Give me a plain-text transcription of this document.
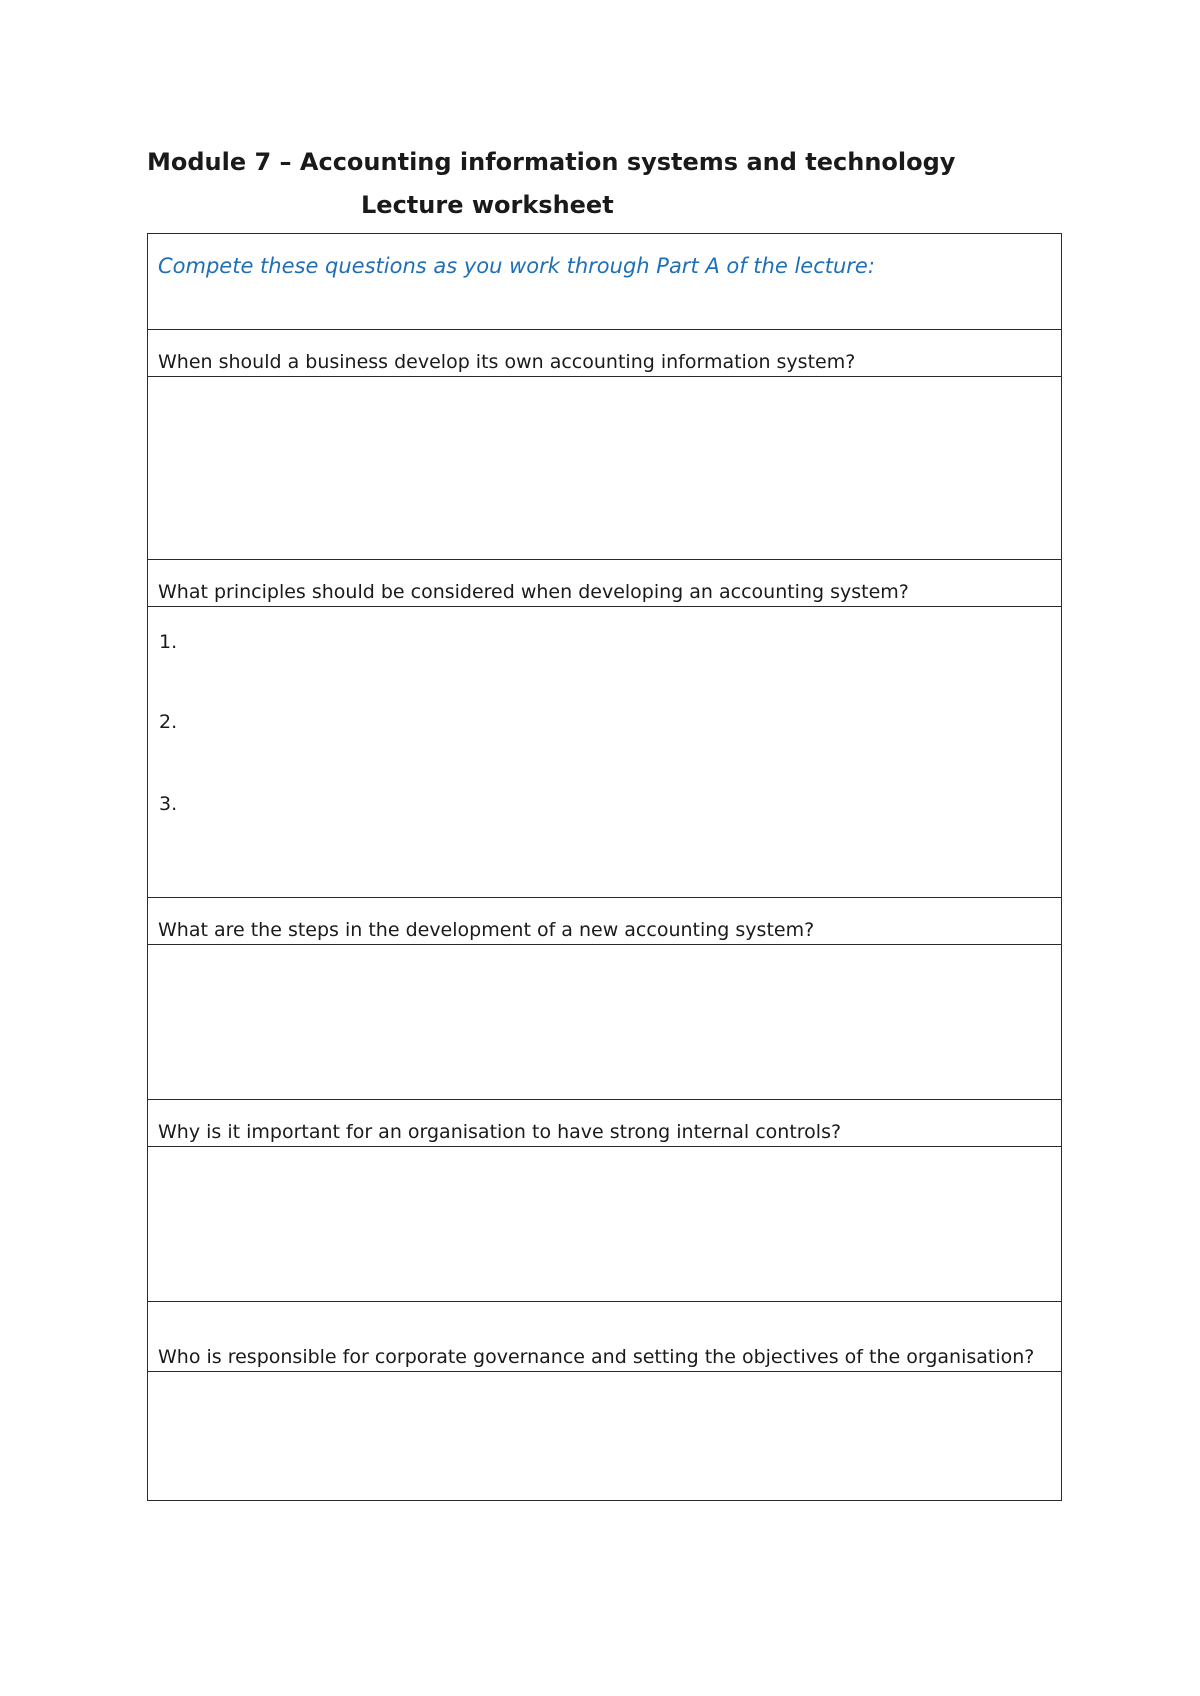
Module 7 – Accounting information systems and technology
Lecture worksheet
Compete these questions as you work through Part A of the lecture:
When should a business develop its own accounting information system?
What principles should be considered when developing an accounting system?
1.
2.
3.
What are the steps in the development of a new accounting system?
Why is it important for an organisation to have strong internal controls?
Who is responsible for corporate governance and setting the objectives of the organisation?
